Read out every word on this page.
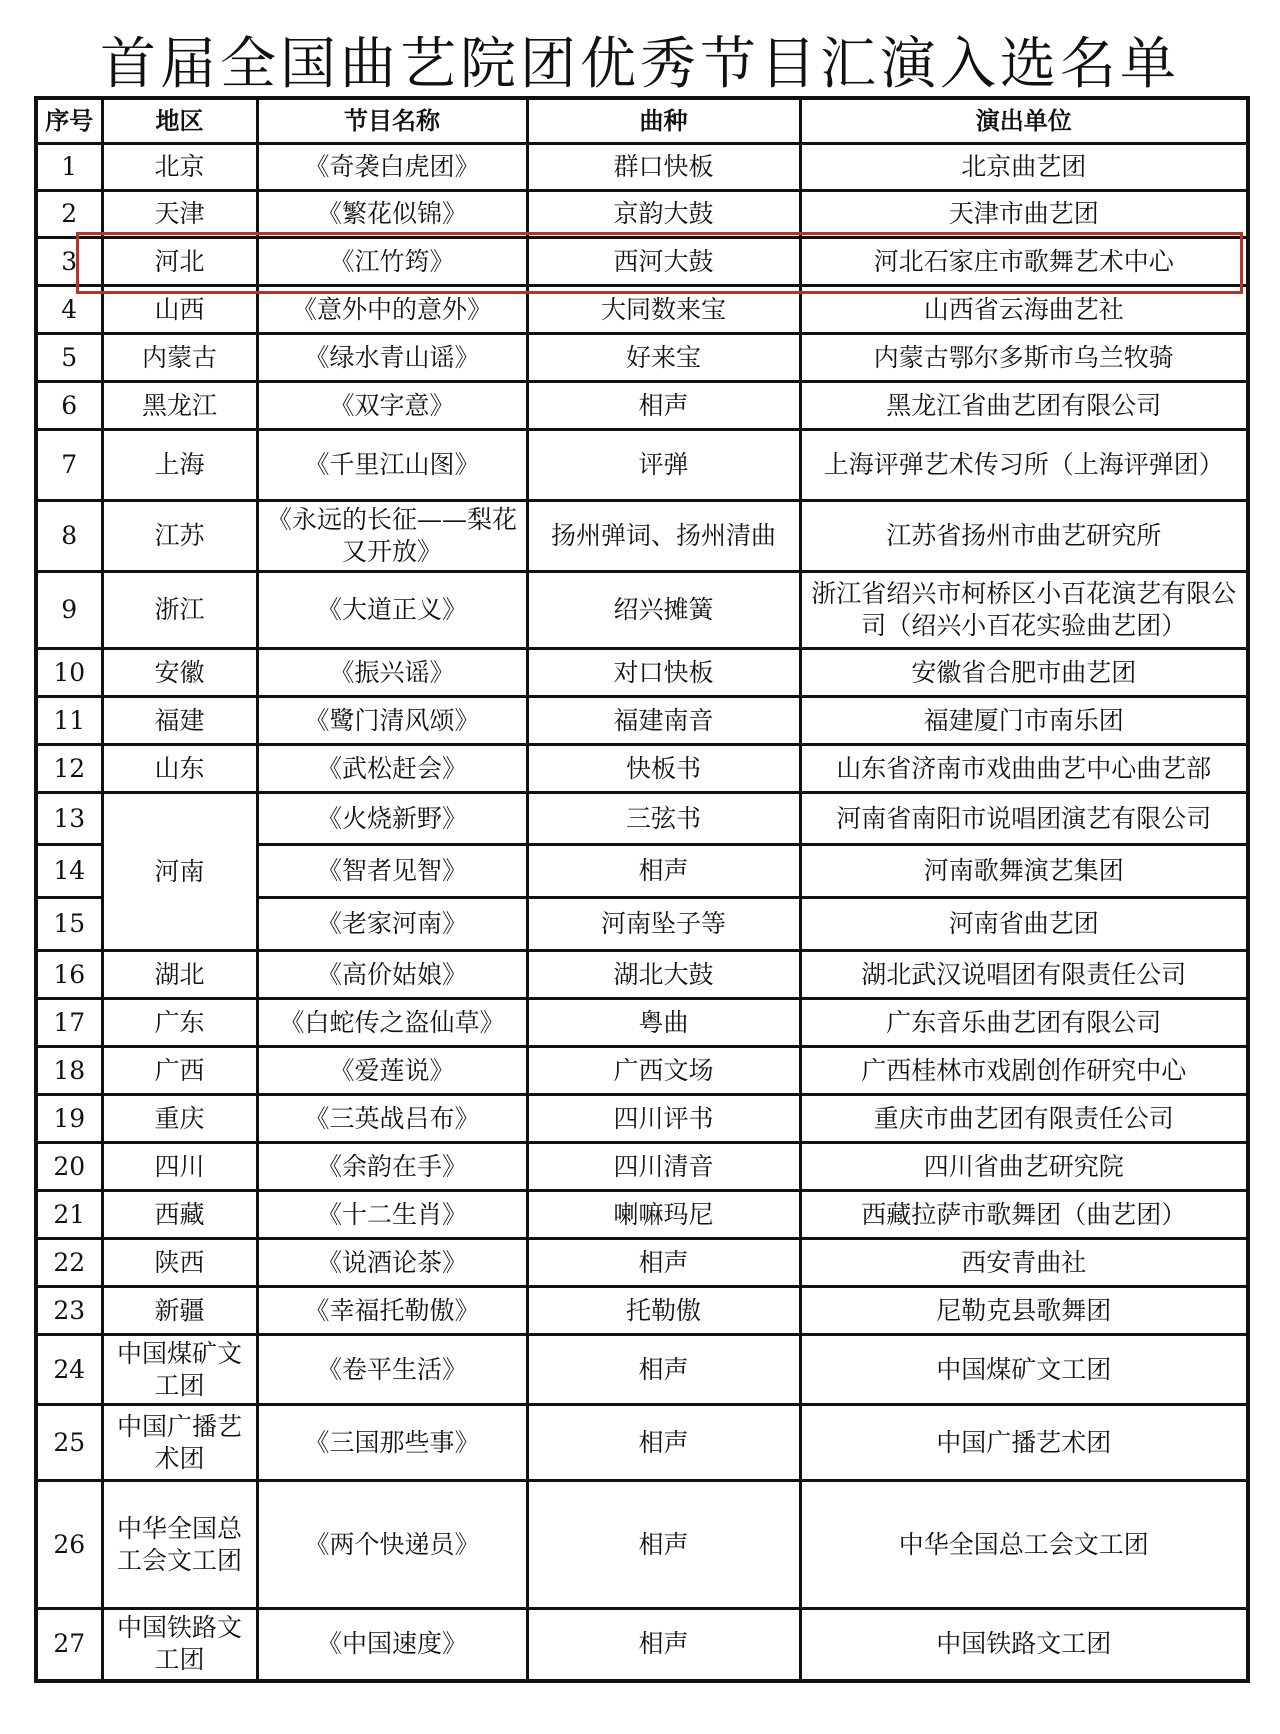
首届全国曲艺院团优秀节目汇演入选名单
序号	地区	节目名称	曲种	演出单位
1	北京	《奇袭白虎团》	群口快板	北京曲艺团
2	天津	《繁花似锦》	京韵大鼓	天津市曲艺团
3	河北	《江竹筠》	西河大鼓	河北石家庄市歌舞艺术中心
4	山西	《意外中的意外》	大同数来宝	山西省云海曲艺社
5	内蒙古	《绿水青山谣》	好来宝	内蒙古鄂尔多斯市乌兰牧骑
6	黑龙江	《双字意》	相声	黑龙江省曲艺团有限公司
7	上海	《千里江山图》	评弹	上海评弹艺术传习所（上海评弹团）
8	江苏	《永远的长征——梨花又开放》	扬州弹词、扬州清曲	江苏省扬州市曲艺研究所
9	浙江	《大道正义》	绍兴摊簧	浙江省绍兴市柯桥区小百花演艺有限公司（绍兴小百花实验曲艺团）
10	安徽	《振兴谣》	对口快板	安徽省合肥市曲艺团
11	福建	《鹭门清风颂》	福建南音	福建厦门市南乐团
12	山东	《武松赶会》	快板书	山东省济南市戏曲曲艺中心曲艺部
13	河南	《火烧新野》	三弦书	河南省南阳市说唱团演艺有限公司
14		《智者见智》	相声	河南歌舞演艺集团
15		《老家河南》	河南坠子等	河南省曲艺团
16	湖北	《高价姑娘》	湖北大鼓	湖北武汉说唱团有限责任公司
17	广东	《白蛇传之盗仙草》	粤曲	广东音乐曲艺团有限公司
18	广西	《爱莲说》	广西文场	广西桂林市戏剧创作研究中心
19	重庆	《三英战吕布》	四川评书	重庆市曲艺团有限责任公司
20	四川	《余韵在手》	四川清音	四川省曲艺研究院
21	西藏	《十二生肖》	喇嘛玛尼	西藏拉萨市歌舞团（曲艺团）
22	陕西	《说酒论茶》	相声	西安青曲社
23	新疆	《幸福托勒傲》	托勒傲	尼勒克县歌舞团
24	中国煤矿文工团	《卷平生活》	相声	中国煤矿文工团
25	中国广播艺术团	《三国那些事》	相声	中国广播艺术团
26	中华全国总工会文工团	《两个快递员》	相声	中华全国总工会文工团
27	中国铁路文工团	《中国速度》	相声	中国铁路文工团
